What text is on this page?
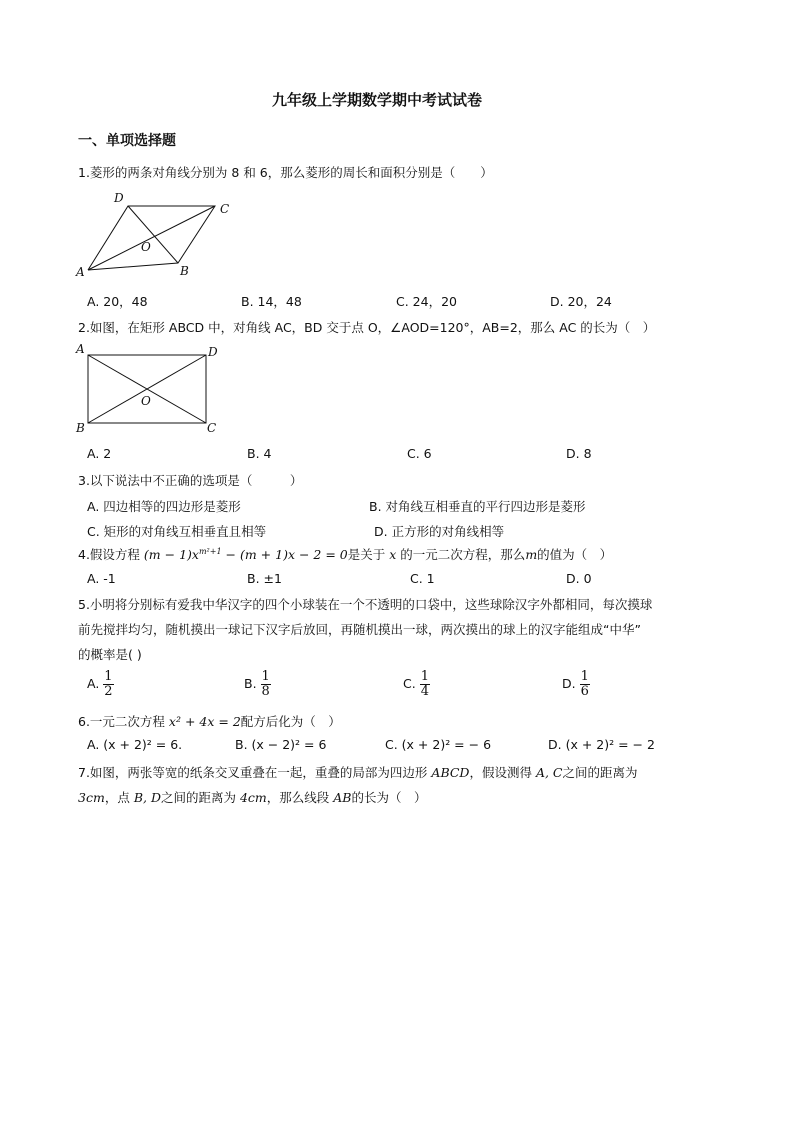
九年级上学期数学期中考试试卷
一、单项选择题
1.菱形的两条对角线分别为 8 和 6，那么菱形的周长和面积分别是（　　）
D
C
O
A	B
A. 20，48	B. 14，48	C. 24，20	D. 20，24
2.如图，在矩形 ABCD 中，对角线 AC，BD 交于点 O，∠AOD=120°，AB=2，那么 AC 的长为（　）
A	D
O
B	C
A. 2	B. 4	C. 6	D. 8
3.以下说法中不正确的选项是（　　　）
A. 四边相等的四边形是菱形	B. 对角线互相垂直的平行四边形是菱形
C. 矩形的对角线互相垂直且相等	D. 正方形的对角线相等
4.假设方程 $(m - 1)x^{m^2+1} - (m + 1)x - 2 = 0$是关于 x 的一元二次方程，那么m的值为（　）
A. -1	B. ±1	C. 1	D. 0
5.小明将分别标有爱我中华汉字的四个小球装在一个不透明的口袋中，这些球除汉字外都相同，每次摸球
前先搅拌均匀，随机摸出一球记下汉字后放回，再随机摸出一球，两次摸出的球上的汉字能组成“中华”
的概率是( )
A. $\frac{1}{2}$	B. $\frac{1}{8}$	C. $\frac{1}{4}$	D. $\frac{1}{6}$
6.一元二次方程 x² + 4x = 2配方后化为（　）
A. (x + 2)² = 6.	B. (x − 2)² = 6	C. (x + 2)² = − 6	D. (x + 2)² = − 2
7.如图，两张等宽的纸条交叉重叠在一起，重叠的局部为四边形 ABCD，假设测得 A, C之间的距离为
3cm，点 B, D之间的距离为 4cm，那么线段 AB的长为（　）
